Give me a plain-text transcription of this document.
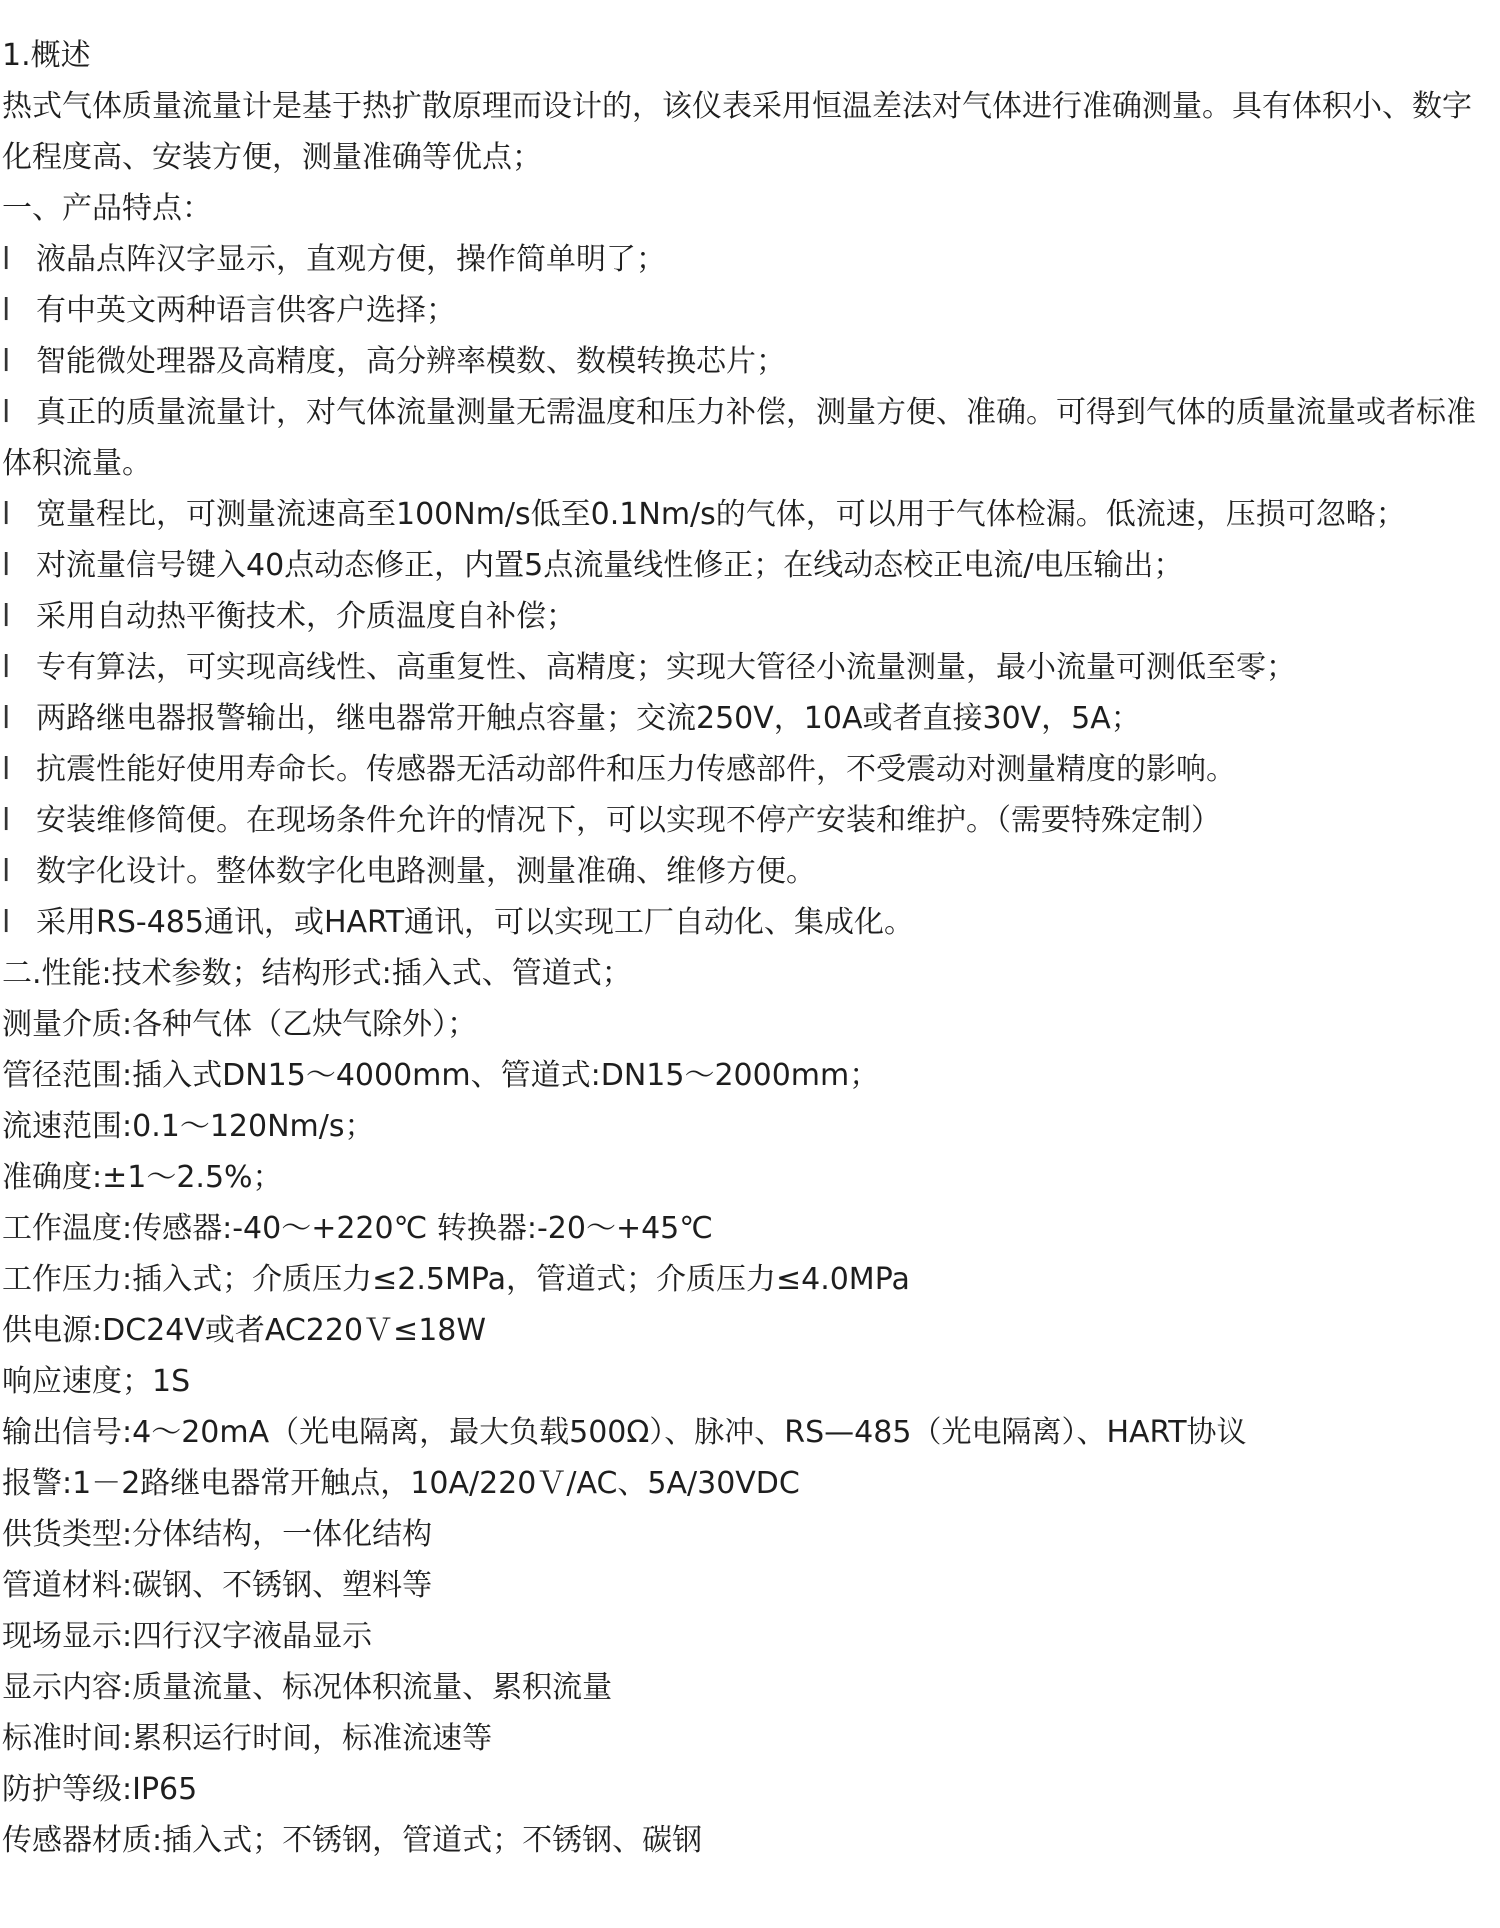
1.概述
热式气体质量流量计是基于热扩散原理而设计的，该仪表采用恒温差法对气体进行准确测量。具有体积小、数字化程度高、安装方便，测量准确等优点；
一、产品特点：
l 液晶点阵汉字显示，直观方便，操作简单明了；
l 有中英文两种语言供客户选择；
l 智能微处理器及高精度，高分辨率模数、数模转换芯片；
l 真正的质量流量计，对气体流量测量无需温度和压力补偿，测量方便、准确。可得到气体的质量流量或者标准体积流量。
l 宽量程比，可测量流速高至100Nm/s低至0.1Nm/s的气体，可以用于气体检漏。低流速，压损可忽略；
l 对流量信号键入40点动态修正，内置5点流量线性修正；在线动态校正电流/电压输出；
l 采用自动热平衡技术，介质温度自补偿；
l 专有算法，可实现高线性、高重复性、高精度；实现大管径小流量测量，最小流量可测低至零；
l 两路继电器报警输出，继电器常开触点容量；交流250V，10A或者直接30V，5A；
l 抗震性能好使用寿命长。传感器无活动部件和压力传感部件，不受震动对测量精度的影响。
l 安装维修简便。在现场条件允许的情况下，可以实现不停产安装和维护。（需要特殊定制）
l 数字化设计。整体数字化电路测量，测量准确、维修方便。
l 采用RS-485通讯，或HART通讯，可以实现工厂自动化、集成化。
二.性能:技术参数；结构形式:插入式、管道式；
测量介质:各种气体（乙炔气除外）；
管径范围:插入式DN15～4000mm、管道式:DN15～2000mm；
流速范围:0.1～120Nm/s；
准确度:±1～2.5%；
工作温度:传感器:-40～+220℃ 转换器:-20～+45℃
工作压力:插入式；介质压力≤2.5MPa，管道式；介质压力≤4.0MPa
供电源:DC24V或者AC220Ｖ≤18W
响应速度；1S
输出信号:4～20mA（光电隔离，最大负载500Ω）、脉冲、RS—485（光电隔离）、HART协议
报警:1－2路继电器常开触点，10A/220Ｖ/AC、5A/30VDC
供货类型:分体结构，一体化结构
管道材料:碳钢、不锈钢、塑料等
现场显示:四行汉字液晶显示
显示内容:质量流量、标况体积流量、累积流量
标准时间:累积运行时间，标准流速等
防护等级:IP65
传感器材质:插入式；不锈钢，管道式；不锈钢、碳钢
